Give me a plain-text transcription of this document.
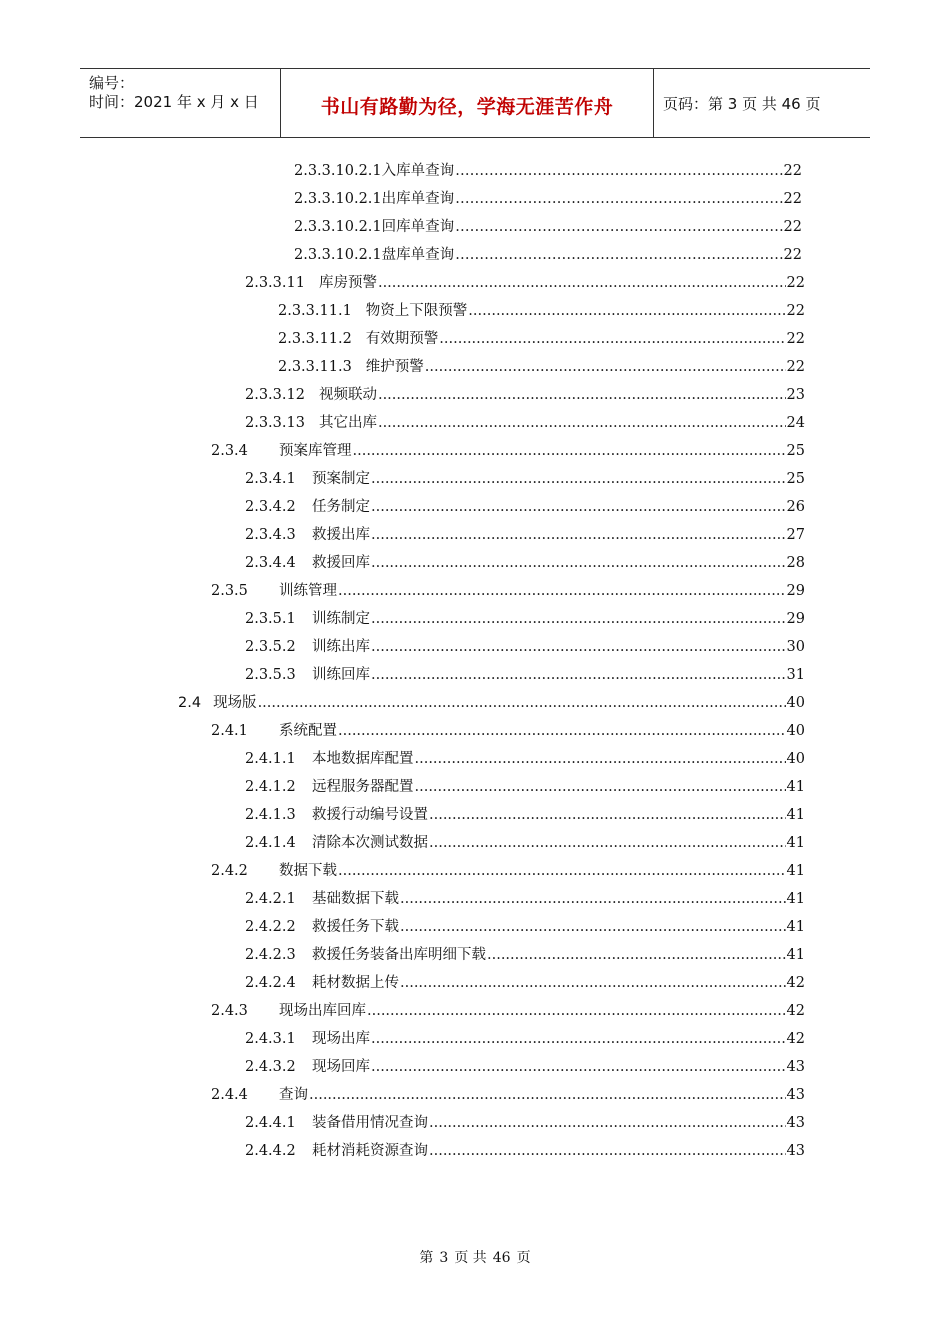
编号：
时间：2021 年 x 月 x 日	书山有路勤为径，学海无涯苦作舟	页码：第 3 页 共 46 页
2.3.3.10.2.1 入库单查询 ……………………………………………………………………………………………………	22
2.3.3.10.2.1 出库单查询 ……………………………………………………………………………………………………	22
2.3.3.10.2.1 回库单查询 ……………………………………………………………………………………………………	22
2.3.3.10.2.1 盘库单查询 ……………………………………………………………………………………………………	22
2.3.3.11 库房预警 .....	22
2.3.3.11.1 物资上下限预警 .....	22
2.3.3.11.2 有效期预警 .....	22
2.3.3.11.3 维护预警 .....	22
2.3.3.12 视频联动 .....	23
2.3.3.13 其它出库 .....	24
2.3.4	预案库管理 .....	25
2.3.4.1	预案制定 .....	25
2.3.4.2	任务制定 .....	26
2.3.4.3	救援出库 .....	27
2.3.4.4	救援回库 .....	28
2.3.5	训练管理 .....	29
2.3.5.1	训练制定 .....	29
2.3.5.2	训练出库 .....	30
2.3.5.3	训练回库 .....	31
2.4 现场版 .....	40
2.4.1	系统配置 .....	40
2.4.1.1	本地数据库配置 .....	40
2.4.1.2	远程服务器配置 .....	41
2.4.1.3	救援行动编号设置 .....	41
2.4.1.4	清除本次测试数据 .....	41
2.4.2	数据下载 .....	41
2.4.2.1	基础数据下载 .....	41
2.4.2.2	救援任务下载 .....	41
2.4.2.3	救援任务装备出库明细下载 .....	41
2.4.2.4	耗材数据上传 .....	42
2.4.3	现场出库回库 .....	42
2.4.3.1	现场出库 .....	42
2.4.3.2	现场回库 .....	43
2.4.4	查询 .....	43
2.4.4.1	装备借用情况查询 .....	43
2.4.4.2	耗材消耗资源查询 .....	43
第 3 页 共 46 页
